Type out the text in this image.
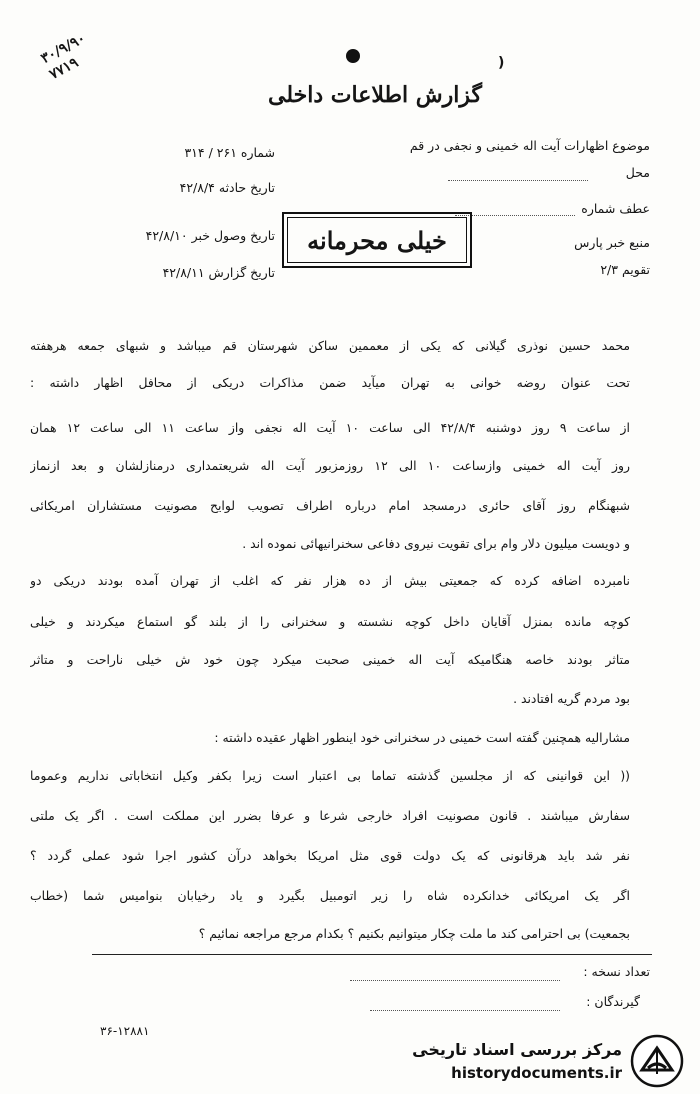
۳۰/۹/۹۰
۷۷۱۹	)
گزارش اطلاعات داخلی
موضوع اظهارات آیت اله خمینی و نجفی در قم
محل
عطف شماره
منبع خبر پارس
تقویم ۲/۳
شماره ۲۶۱ / ۳۱۴
تاریخ حادثه ۴۲/۸/۴
تاریخ وصول خبر ۴۲/۸/۱۰
تاریخ گزارش ۴۲/۸/۱۱
خیلی محرمانه
محمد حسین نوذری گیلانی که یکی از معممین ساکن شهرستان قم میباشد و شبهای جمعه هرهفته
تحت عنوان روضه خوانی به تهران میآید ضمن مذاکرات دریکی از محافل اظهار داشته :
از ساعت ۹ روز دوشنبه ۴۲/۸/۴ الی ساعت ۱۰ آیت اله نجفی واز ساعت ۱۱ الی ساعت ۱۲ همان
روز آیت اله خمینی وازساعت ۱۰ الی ۱۲ روزمزبور آیت اله شریعتمداری درمنازلشان و بعد ازنماز
شبهنگام روز آقای حائری درمسجد امام درباره اطراف تصویب لوایح مصونیت مستشاران امریکائی
و دویست میلیون دلار وام برای تقویت نیروی دفاعی سخنرانیهائی نموده اند .
نامبرده اضافه کرده که جمعیتی بیش از ده هزار نفر که اغلب از تهران آمده بودند دریکی دو
کوچه مانده بمنزل آقایان داخل کوچه نشسته و سخنرانی را از بلند گو استماع میکردند و خیلی
متاثر بودند خاصه هنگامیکه آیت اله خمینی صحبت میکرد چون خود ش خیلی ناراحت و متاثر
بود مردم گریه افتادند .
مشارالیه همچنین گفته است خمینی در سخنرانی خود اینطور اظهار عقیده داشته :
(( این قوانینی که از مجلسین گذشته تماما بی اعتبار است زیرا بکفر وکیل انتخاباتی نداریم وعموما
سفارش میباشند . قانون مصونیت افراد خارجی شرعا و عرفا بضرر این مملکت است . اگر یک ملتی
نفر شد باید هرقانونی که یک دولت قوی مثل امریکا بخواهد درآن کشور اجرا شود عملی گردد ؟
اگر یک امریکائی خدانکرده شاه را زیر اتومبیل بگیرد و یاد رخیابان بنوامیس شما (خطاب
بجمعیت) بی احترامی کند ما ملت چکار میتوانیم بکنیم ؟ بکدام مرجع مراجعه نمائیم ؟
تعداد نسخه :
گیرندگان :
۳۶-۱۲۸۸۱
مرکز بررسی اسناد تاریخی
historydocuments.ir
